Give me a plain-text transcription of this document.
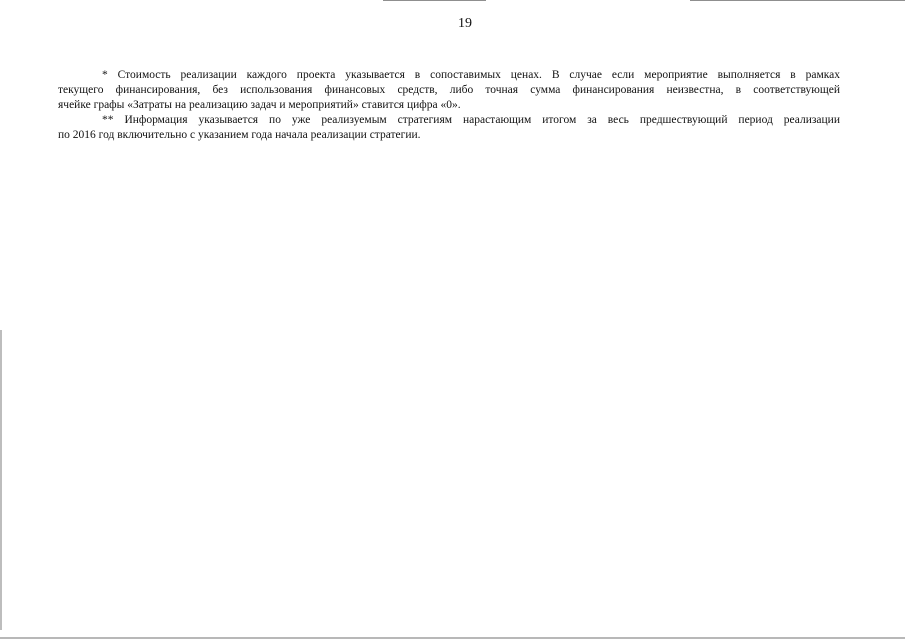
19
* Стоимость реализации каждого проекта указывается в сопоставимых ценах. В случае если мероприятие выполняется в рамках
текущего финансирования, без использования финансовых средств, либо точная сумма финансирования неизвестна, в соответствующей
ячейке графы «Затраты на реализацию задач и мероприятий» ставится цифра «0».
** Информация указывается по уже реализуемым стратегиям нарастающим итогом за весь предшествующий период реализации
по 2016 год включительно с указанием года начала реализации стратегии.
